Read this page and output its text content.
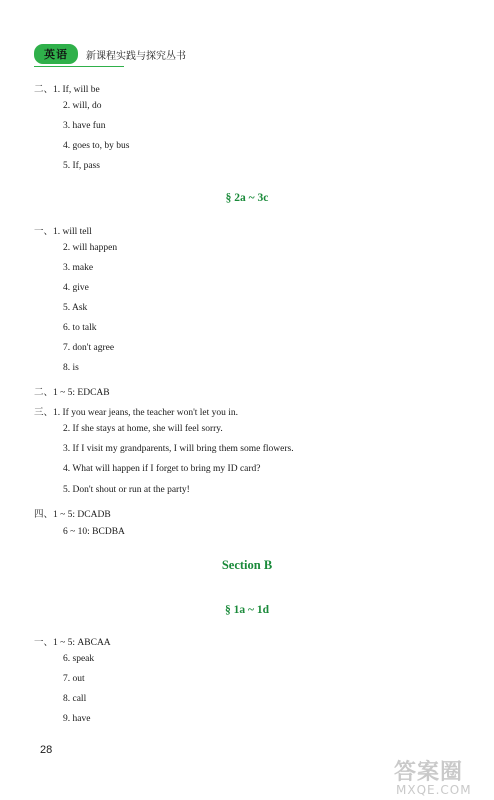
英语	新课程实践与探究丛书
二、1. If, will be
2. will, do
3. have fun
4. goes to, by bus
5. If, pass
§ 2a ~ 3c
一、1. will tell
2. will happen
3. make
4. give
5. Ask
6. to talk
7. don't agree
8. is
二、1 ~ 5: EDCAB
三、1. If you wear jeans, the teacher won't let you in.
2. If she stays at home, she will feel sorry.
3. If I visit my grandparents, I will bring them some flowers.
4. What will happen if I forget to bring my ID card?
5. Don't shout or run at the party!
四、1 ~ 5: DCADB
6 ~ 10: BCDBA
Section B
§ 1a ~ 1d
一、1 ~ 5: ABCAA
6. speak
7. out
8. call
9. have
28
答案圈
MXQE.COM
